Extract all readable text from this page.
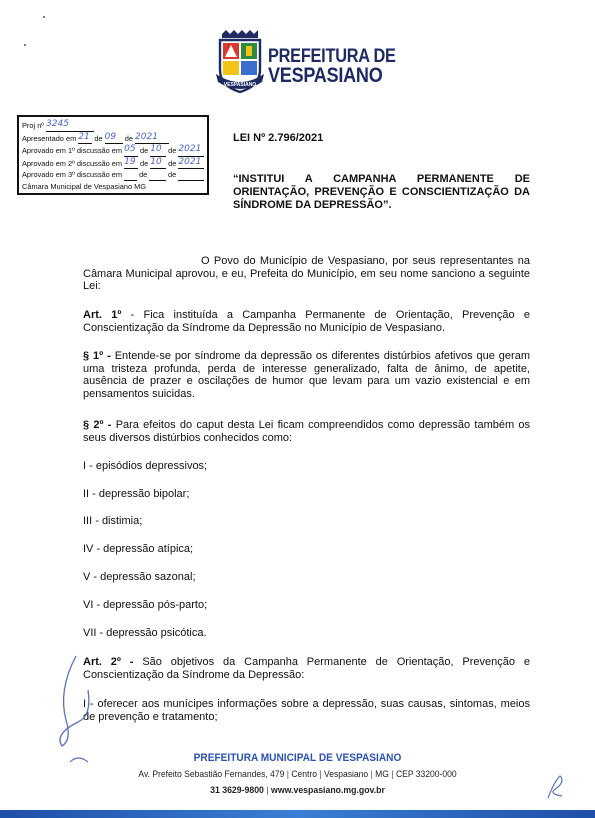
VESPASIANO
PREFEITURA DE
VESPASIANO
Proj nº
3245
Apresentado em
21
de
09
	de
2021
Aprovado em 1º discussão em
05
de
10
de
2021
Aprovado em 2º discussão em
19
de
10
de
2021
Aprovado em 3º discussão em

de

	de

Câmara Municipal de Vespasiano MG
LEI Nº 2.796/2021
“INSTITUI A CAMPANHA PERMANENTE DE ORIENTAÇÃO, PREVENÇÃO E CONSCIENTIZAÇÃO DA SÍNDROME DA DEPRESSÃO”.
O Povo do Município de Vespasiano, por seus representantes na Câmara Municipal aprovou, e eu, Prefeita do Município, em seu nome sanciono a seguinte Lei:
Art. 1º - Fica instituída a Campanha Permanente de Orientação, Prevenção e Conscientização da Síndrome da Depressão no Município de Vespasiano.
§ 1º - Entende-se por síndrome da depressão os diferentes distúrbios afetivos que geram uma tristeza profunda, perda de interesse generalizado, falta de ânimo, de apetite, ausência de prazer e oscilações de humor que levam para um vazio existencial e em pensamentos suicidas.
§ 2º - Para efeitos do caput desta Lei ficam compreendidos como depressão também os seus diversos distúrbios conhecidos como:
I - episódios depressivos;
II - depressão bipolar;
III - distimia;
IV - depressão atípica;
V - depressão sazonal;
VI - depressão pós-parto;
VII - depressão psicótica.
Art. 2º - São objetivos da Campanha Permanente de Orientação, Prevenção e Conscientização da Síndrome da Depressão:
I - oferecer aos munícipes informações sobre a depressão, suas causas, sintomas, meios de prevenção e tratamento;
PREFEITURA MUNICIPAL DE VESPASIANO
Av. Prefeito Sebastião Fernandes, 479 | Centro | Vespasiano | MG | CEP 33200-000
31 3629-9800 | www.vespasiano.mg.gov.br
